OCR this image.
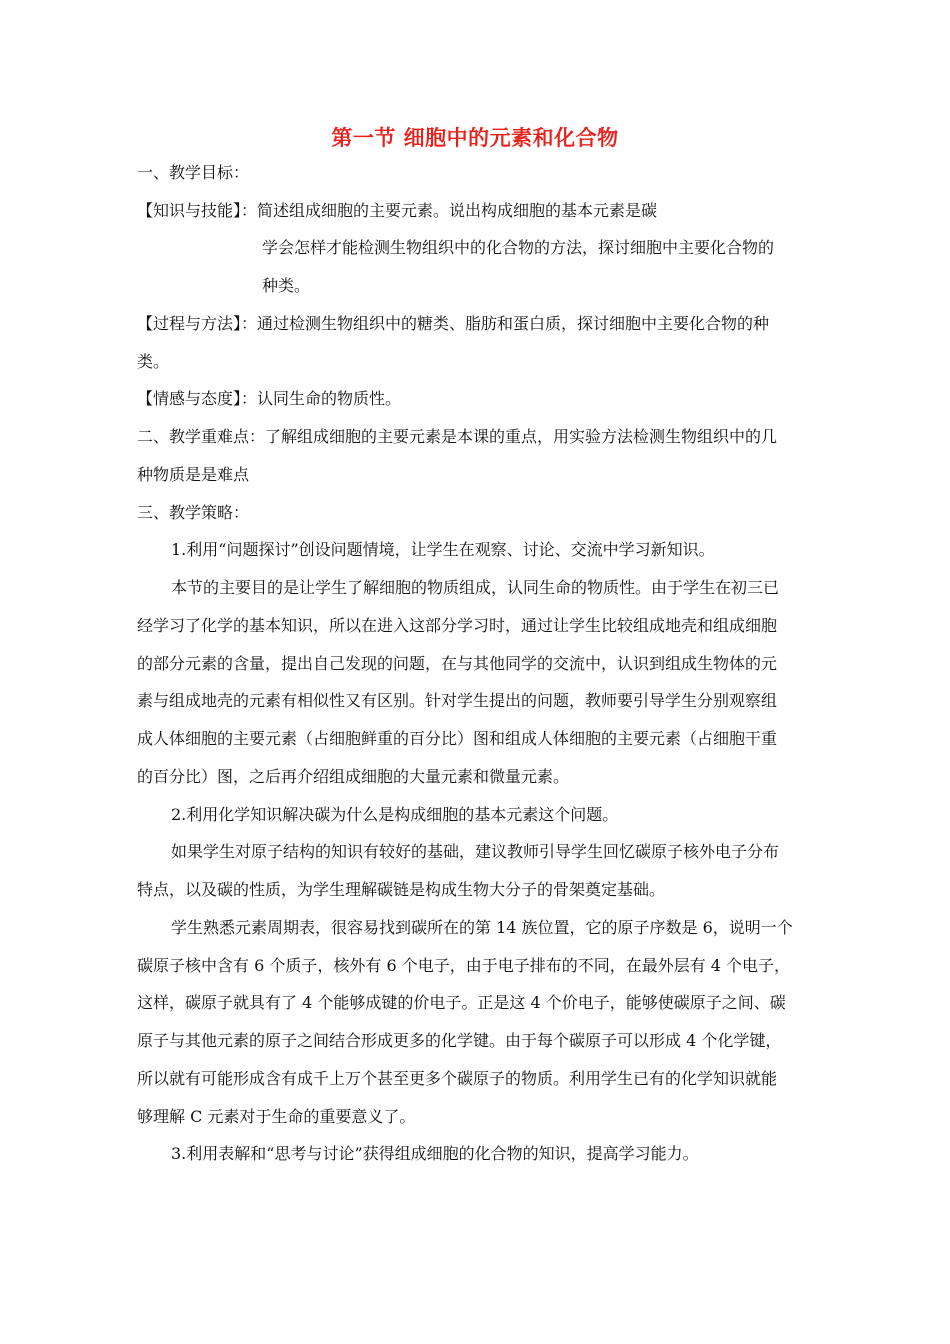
第一节 细胞中的元素和化合物
一、教学目标：
【知识与技能】：简述组成细胞的主要元素。说出构成细胞的基本元素是碳
学会怎样才能检测生物组织中的化合物的方法，探讨细胞中主要化合物的
种类。
【过程与方法】：通过检测生物组织中的糖类、脂肪和蛋白质，探讨细胞中主要化合物的种
类。
【情感与态度】：认同生命的物质性。
二、教学重难点：了解组成细胞的主要元素是本课的重点，用实验方法检测生物组织中的几
种物质是是难点
三、教学策略：
1.利用“问题探讨”创设问题情境，让学生在观察、讨论、交流中学习新知识。
本节的主要目的是让学生了解细胞的物质组成，认同生命的物质性。由于学生在初三已
经学习了化学的基本知识，所以在进入这部分学习时，通过让学生比较组成地壳和组成细胞
的部分元素的含量，提出自己发现的问题，在与其他同学的交流中，认识到组成生物体的元
素与组成地壳的元素有相似性又有区别。针对学生提出的问题，教师要引导学生分别观察组
成人体细胞的主要元素（占细胞鲜重的百分比）图和组成人体细胞的主要元素（占细胞干重
的百分比）图，之后再介绍组成细胞的大量元素和微量元素。
2.利用化学知识解决碳为什么是构成细胞的基本元素这个问题。
如果学生对原子结构的知识有较好的基础，建议教师引导学生回忆碳原子核外电子分布
特点，以及碳的性质，为学生理解碳链是构成生物大分子的骨架奠定基础。
学生熟悉元素周期表，很容易找到碳所在的第 14 族位置，它的原子序数是 6，说明一个
碳原子核中含有 6 个质子，核外有 6 个电子，由于电子排布的不同，在最外层有 4 个电子，
这样，碳原子就具有了 4 个能够成键的价电子。正是这 4 个价电子，能够使碳原子之间、碳
原子与其他元素的原子之间结合形成更多的化学键。由于每个碳原子可以形成 4 个化学键，
所以就有可能形成含有成千上万个甚至更多个碳原子的物质。利用学生已有的化学知识就能
够理解 C 元素对于生命的重要意义了。
3.利用表解和“思考与讨论”获得组成细胞的化合物的知识，提高学习能力。
